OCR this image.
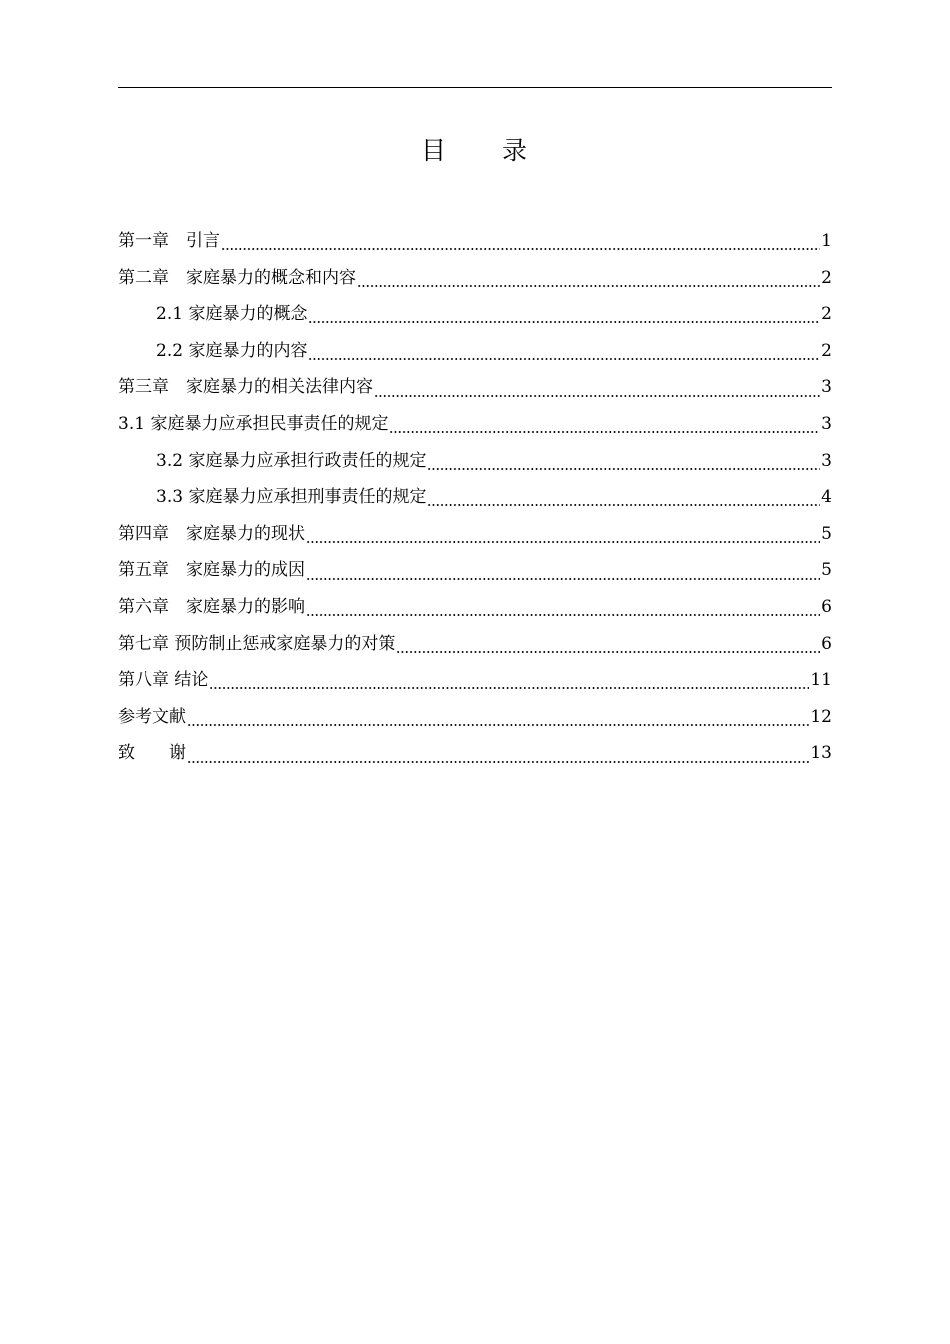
目　　录
第一章　引言	1
第二章　家庭暴力的概念和内容	2
2.1 家庭暴力的概念	2
2.2 家庭暴力的内容	2
第三章　家庭暴力的相关法律内容	3
3.1 家庭暴力应承担民事责任的规定	3
3.2 家庭暴力应承担行政责任的规定	3
3.3 家庭暴力应承担刑事责任的规定	4
第四章　家庭暴力的现状	5
第五章　家庭暴力的成因	5
第六章　家庭暴力的影响	6
第七章 预防制止惩戒家庭暴力的对策	6
第八章 结论	11
参考文献	12
致　　谢	13
